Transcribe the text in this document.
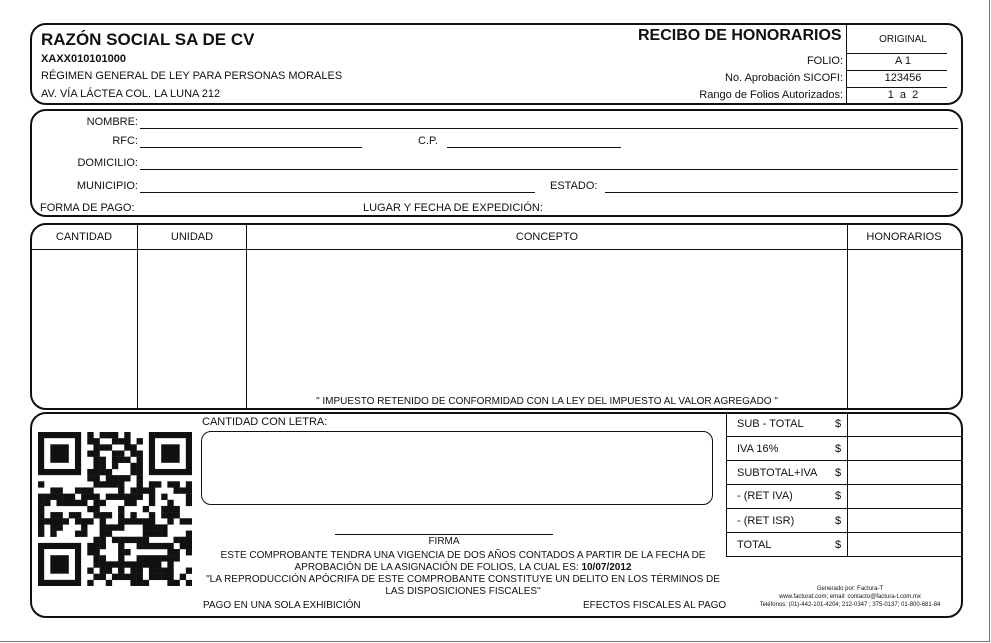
RAZÓN SOCIAL SA DE CV
XAXX010101000
RÉGIMEN GENERAL DE LEY PARA PERSONAS MORALES
AV. VÍA LÁCTEA COL. LA LUNA 212
RECIBO DE HONORARIOS	ORIGINAL
FOLIO:	A 1
No. Aprobación SICOFI:	123456
Rango de Folios Autorizados:	1  a  2
NOMBRE:
RFC:	C.P.
DOMICILIO:
MUNICIPIO:	ESTADO:
FORMA DE PAGO:	LUGAR Y FECHA DE EXPEDICIÓN:
CANTIDAD	UNIDAD	CONCEPTO	HONORARIOS
" IMPUESTO RETENIDO DE CONFORMIDAD CON LA LEY DEL IMPUESTO AL VALOR AGREGADO "
CANTIDAD CON LETRA:
FIRMA
ESTE COMPROBANTE TENDRA UNA VIGENCIA DE DOS AÑOS CONTADOS A PARTIR DE LA FECHA DE
APROBACIÓN DE LA ASIGNACIÓN DE FOLIOS, LA CUAL ES: 10/07/2012
"LA REPRODUCCIÓN APÓCRIFA DE ESTE COMPROBANTE CONSTITUYE UN DELITO EN LOS TÉRMINOS DE
LAS DISPOSICIONES FISCALES"
PAGO EN UNA SOLA EXHIBICIÓN	EFECTOS FISCALES AL PAGO
SUB - TOTAL	$
IVA 16%	$
SUBTOTAL+IVA $
- (RET IVA)	$
- (RET ISR)	$
TOTAL	$
Generado por: Factura-T
www.facturat.com; email: contacto@factura-t.com.mx
Teléfonos: (01)-442-101-4204; 212-0347 ; 375-0137; 01-800-681-84
